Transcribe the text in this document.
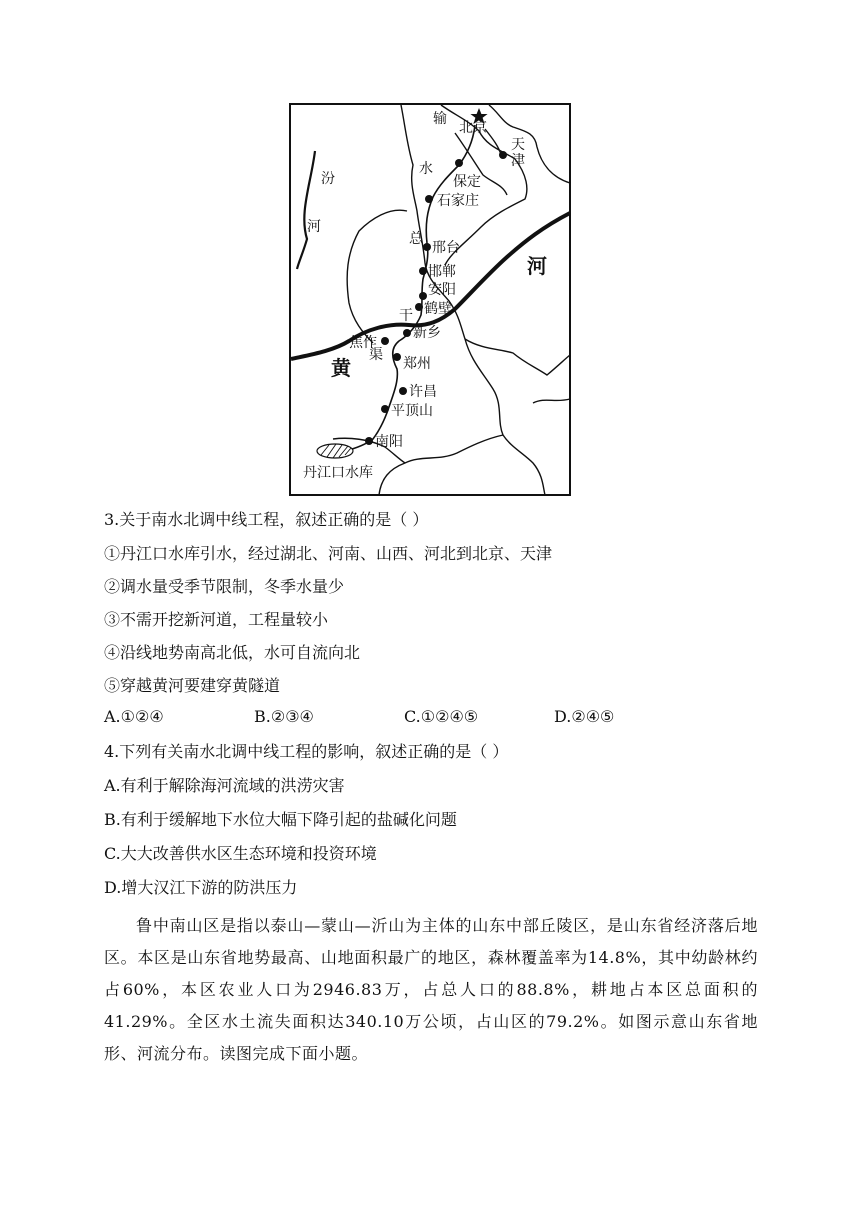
输
水
总
干
渠
汾
河
黄
河
北京
天
津
保定
石家庄
邢台
邯郸
安阳
鹤壁
新乡
焦作
郑州
许昌
平顶山
南阳
丹江口水库
3.关于南水北调中线工程，叙述正确的是（ ）
①丹江口水库引水，经过湖北、河南、山西、河北到北京、天津
②调水量受季节限制，冬季水量少
③不需开挖新河道，工程量较小
④沿线地势南高北低，水可自流向北
⑤穿越黄河要建穿黄隧道
A.①②④	B.②③④	C.①②④⑤	D.②④⑤
4.下列有关南水北调中线工程的影响，叙述正确的是（ ）
A.有利于解除海河流域的洪涝灾害
B.有利于缓解地下水位大幅下降引起的盐碱化问题
C.大大改善供水区生态环境和投资环境
D.增大汉江下游的防洪压力
鲁中南山区是指以泰山—蒙山—沂山为主体的山东中部丘陵区，是山东省经济落后地区。本区是山东省地势最高、山地面积最广的地区，森林覆盖率为14.8%，其中幼龄林约占60%，本区农业人口为2946.83万，占总人口的88.8%，耕地占本区总面积的41.29%。全区水土流失面积达340.10万公顷，占山区的79.2%。如图示意山东省地形、河流分布。读图完成下面小题。
